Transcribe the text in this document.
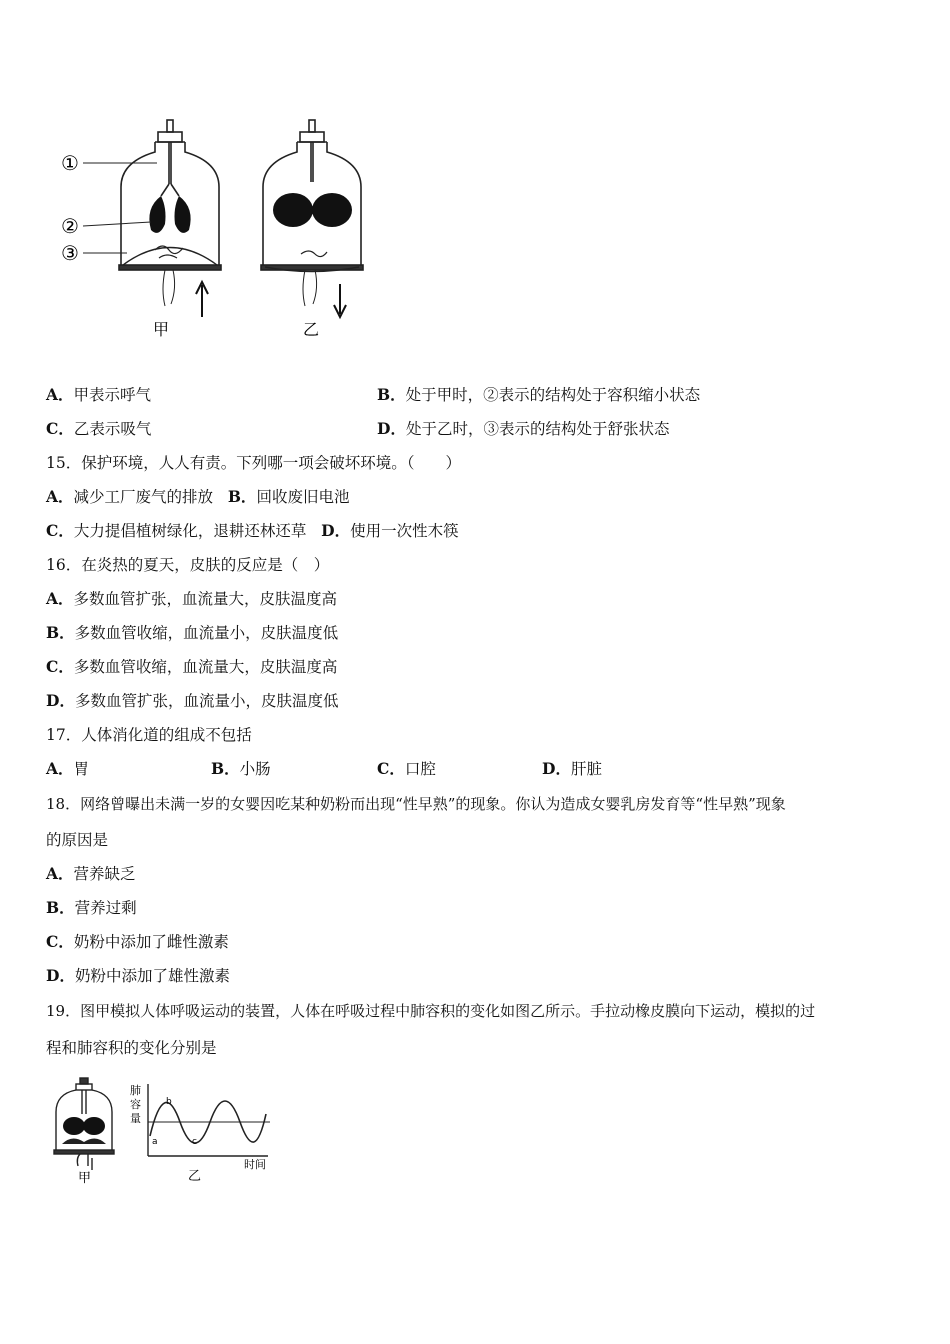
①
②
③
甲	乙
A．甲表示呼气	B．处于甲时，②表示的结构处于容积缩小状态
C．乙表示吸气	D．处于乙时，③表示的结构处于舒张状态
15．保护环境，人人有责。下列哪一项会破坏环境。（　　）
A．减少工厂废气的排放 B．回收废旧电池
C．大力提倡植树绿化，退耕还林还草 D．使用一次性木筷
16．在炎热的夏天，皮肤的反应是（　）
A．多数血管扩张，血流量大，皮肤温度高
B．多数血管收缩，血流量小，皮肤温度低
C．多数血管收缩，血流量大，皮肤温度高
D．多数血管扩张，血流量小，皮肤温度低
17．人体消化道的组成不包括
A．胃	B．小肠	C．口腔	D．肝脏
18．网络曾曝出未满一岁的女婴因吃某种奶粉而出现“性早熟”的现象。你认为造成女婴乳房发育等“性早熟”现象
的原因是
A．营养缺乏
B．营养过剩
C．奶粉中添加了雌性激素
D．奶粉中添加了雄性激素
19．图甲模拟人体呼吸运动的装置，人体在呼吸过程中肺容积的变化如图乙所示。手拉动橡皮膜向下运动，模拟的过
程和肺容积的变化分别是
甲
肺
容
量
a
b
c
时间
乙
